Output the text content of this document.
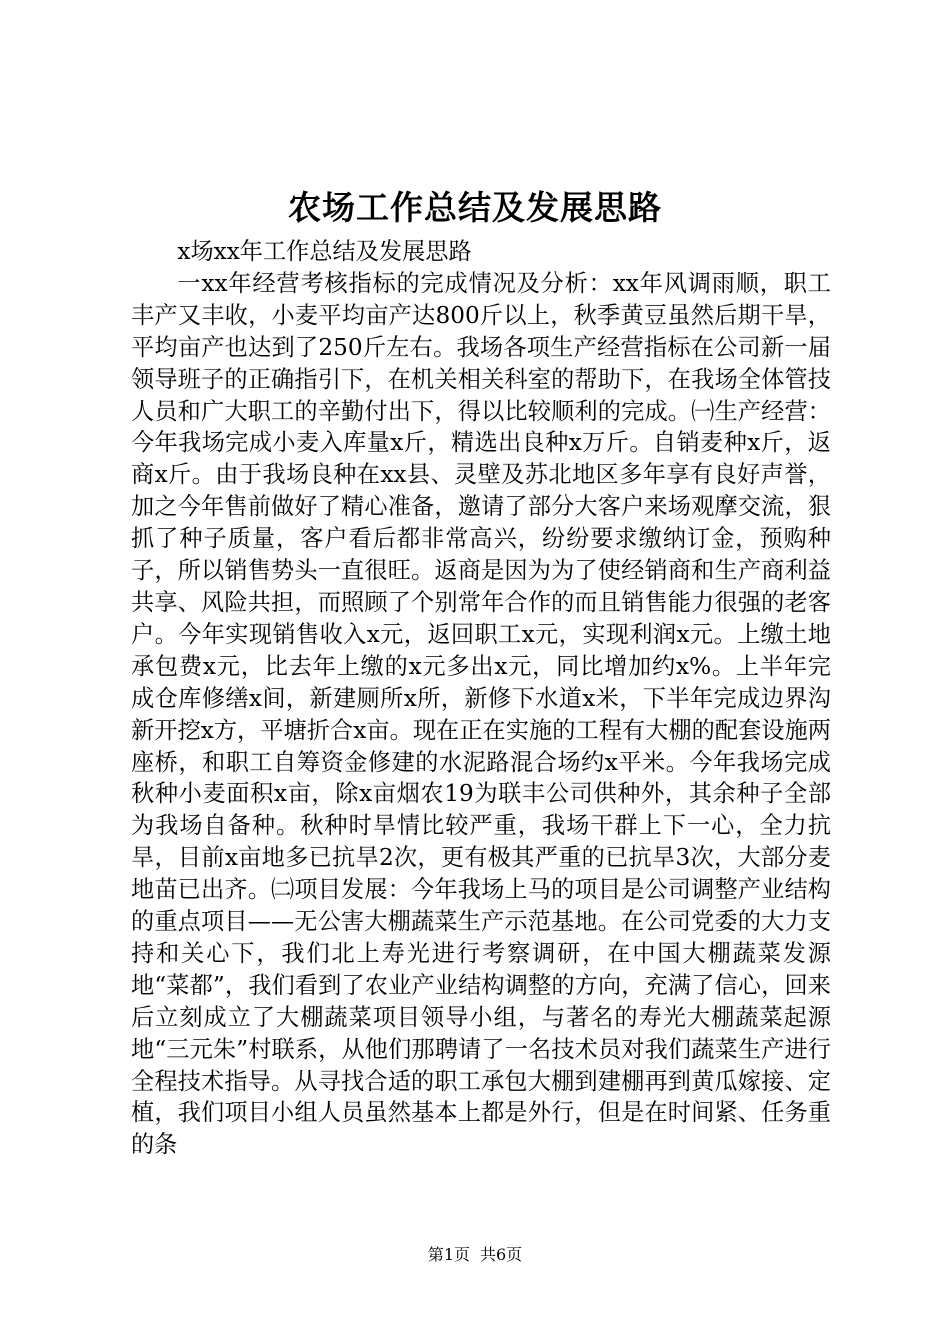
农场工作总结及发展思路

x场xx年工作总结及发展思路

一xx年经营考核指标的完成情况及分析：xx年风调雨顺，职工丰产又丰收，小麦平均亩产达800斤以上，秋季黄豆虽然后期干旱，平均亩产也达到了250斤左右。我场各项生产经营指标在公司新一届领导班子的正确指引下，在机关相关科室的帮助下，在我场全体管技人员和广大职工的辛勤付出下，得以比较顺利的完成。㈠生产经营：今年我场完成小麦入库量x斤，精选出良种x万斤。自销麦种x斤，返商x斤。由于我场良种在xx县、灵壁及苏北地区多年享有良好声誉，加之今年售前做好了精心准备，邀请了部分大客户来场观摩交流，狠抓了种子质量，客户看后都非常高兴，纷纷要求缴纳订金，预购种子，所以销售势头一直很旺。返商是因为为了使经销商和生产商利益共享、风险共担，而照顾了个别常年合作的而且销售能力很强的老客户。今年实现销售收入x元，返回职工x元，实现利润x元。上缴土地承包费x元，比去年上缴的x元多出x元，同比增加约x%。上半年完成仓库修缮x间，新建厕所x所，新修下水道x米，下半年完成边界沟新开挖x方，平塘折合x亩。现在正在实施的工程有大棚的配套设施两座桥，和职工自筹资金修建的水泥路混合场约x平米。今年我场完成秋种小麦面积x亩，除x亩烟农19为联丰公司供种外，其余种子全部为我场自备种。秋种时旱情比较严重，我场干群上下一心，全力抗旱，目前x亩地多已抗旱2次，更有极其严重的已抗旱3次，大部分麦地苗已出齐。㈡项目发展：今年我场上马的项目是公司调整产业结构的重点项目——无公害大棚蔬菜生产示范基地。在公司党委的大力支持和关心下，我们北上寿光进行考察调研，在中国大棚蔬菜发源地“菜都”，我们看到了农业产业结构调整的方向，充满了信心，回来后立刻成立了大棚蔬菜项目领导小组，与著名的寿光大棚蔬菜起源地“三元朱”村联系，从他们那聘请了一名技术员对我们蔬菜生产进行全程技术指导。从寻找合适的职工承包大棚到建棚再到黄瓜嫁接、定植，我们项目小组人员虽然基本上都是外行，但是在时间紧、任务重的条

第1页 共6页
